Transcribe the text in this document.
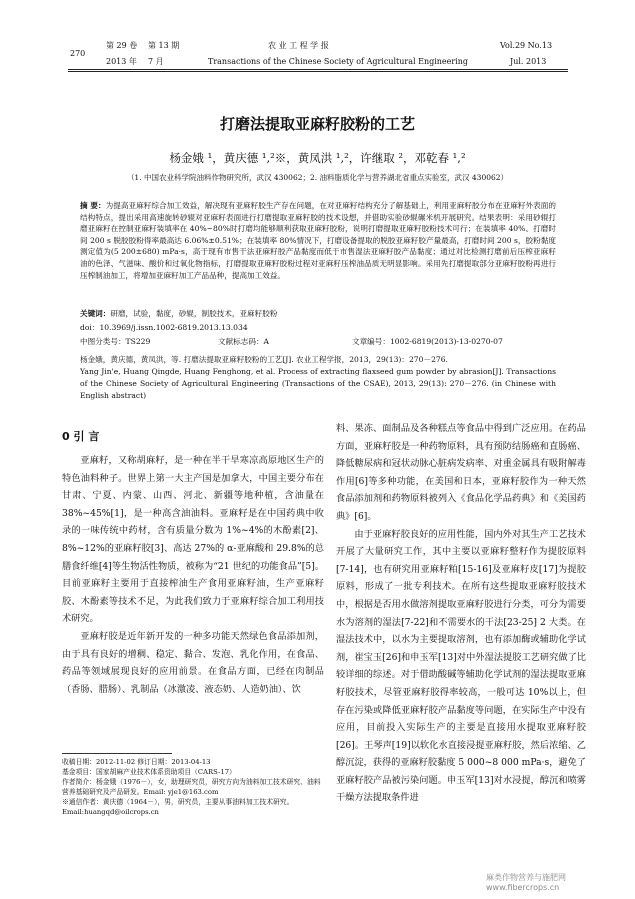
270
第 29 卷 第 13 期
2013 年 7 月
农 业 工 程 学 报
Transactions of the Chinese Society of Agricultural Engineering
Vol.29 No.13
Jul. 2013
打磨法提取亚麻籽胶粉的工艺
杨金娥 ¹，黄庆德 ¹,²※，黄凤洪 ¹,²，许继取 ²，邓乾春 ¹,²
（1. 中国农业科学院油料作物研究所，武汉 430062；2. 油料脂质化学与营养湖北省重点实验室，武汉 430062）
摘 要：为提高亚麻籽综合加工效益，解决现有亚麻籽胶生产存在问题，在对亚麻籽结构充分了解基础上，利用亚麻籽胶分布在亚麻籽外表面的结构特点，提出采用高速旋转砂辊对亚麻籽表面进行打磨提取亚麻籽胶的技术设想，并借助实验砂辊碾米机开展研究。结果表明：采用砂辊打磨亚麻籽在控制亚麻籽装填率在 40%~80%时打磨均能够顺利获取亚麻籽胶粉，说明打磨提取亚麻籽胶粉技术可行；在装填率 40%、打磨时间 200 s 脱胶胶粉得率最高达 6.06%±0.51%；在装填率 80%情况下，打磨设备提取的脱胶亚麻籽胶产量最高，打磨时间 200 s，胶粉黏度测定值为(5 200±680) mPa·s，高于现有市售干法亚麻籽胶产品黏度而低于市售湿法亚麻籽胶产品黏度；通过对比检测打磨前后压榨亚麻籽油的色泽、气滋味、酸价和过氧化物指标，打磨提取亚麻籽胶粉过程对亚麻籽压榨油品质无明显影响。采用先打磨提取部分亚麻籽胶粉再进行压榨制油加工，将增加亚麻籽加工产品品种，提高加工效益。
关键词：研磨，试验，黏度，砂辊，制胶技术，亚麻籽胶粉
doi：10.3969/j.issn.1002-6819.2013.13.034
中图分类号：TS229	文献标志码：A	文章编号：1002-6819(2013)-13-0270-07
杨金娥，黄庆德，黄凤洪，等. 打磨法提取亚麻籽胶粉的工艺[J]. 农业工程学报，2013，29(13)：270－276.
Yang Jin'e, Huang Qingde, Huang Fenghong, et al. Process of extracting flaxseed gum powder by abrasion[J]. Transactions of the Chinese Society of Agricultural Engineering (Transactions of the CSAE), 2013, 29(13): 270－276. (in Chinese with English abstract)
0 引 言

亚麻籽，又称胡麻籽，是一种在半干旱寒凉高原地区生产的特色油料种子。世界上第一大主产国是加拿大，中国主要分布在甘肃、宁夏、内蒙、山西、河北、新疆等地种植，含油量在 38%~45%[1]，是一种高含油油料。亚麻籽是在中国药典中收录的一味传统中药材，含有质量分数为 1%~4%的木酚素[2]、8%~12%的亚麻籽胶[3]、高达 27%的 α-亚麻酸和 29.8%的总膳食纤维[4]等生物活性物质，被称为“21 世纪的功能食品”[5]。目前亚麻籽主要用于直接榨油生产食用亚麻籽油，生产亚麻籽胶、木酚素等技术不足，为此我们致力于亚麻籽综合加工利用技术研究。

亚麻籽胶是近年新开发的一种多功能天然绿色食品添加剂，由于具有良好的增稠、稳定、黏合、发泡、乳化作用，在食品、药品等领域展现良好的应用前景。在食品方面，已经在肉制品（香肠、腊肠）、乳制品（冰激凌、液态奶、人造奶油）、饮

收稿日期：2012-11-02 修订日期：2013-04-13
基金项目：国家胡麻产业技术体系资助项目（CARS-17）
作者简介：杨金娥（1976－），女，助理研究员，研究方向为油料加工技术研究、油料营养基础研究及产品研发。Email: yje1@163.com
※通信作者：黄庆德（1964－），男，研究员，主要从事油料加工技术研究。Email:huangqd@oilcrops.cn

料、果冻、面制品及各种糕点等食品中得到广泛应用。在药品方面，亚麻籽胶是一种药物原料，具有预防结肠癌和直肠癌、降低糖尿病和冠状动脉心脏病发病率、对重金属具有吸附解毒作用[6]等多种功能，在美国和日本，亚麻籽胶作为一种天然食品添加剂和药物原料被列入《食品化学品药典》和《美国药典》[6]。

由于亚麻籽胶良好的应用性能，国内外对其生产工艺技术开展了大量研究工作，其中主要以亚麻籽整籽作为提胶原料[7-14]，也有研究用亚麻籽粕[15-16]及亚麻籽皮[17]为提胶原料，形成了一批专利技术。在所有这些提取亚麻籽胶技术中，根据是否用水做溶剂提取亚麻籽胶进行分类，可分为需要水为溶剂的湿法[7-22]和不需要水的干法[23-25] 2 大类。在湿法技术中，以水为主要提取溶剂，也有添加酶或辅助化学试剂，崔宝玉[26]和申玉军[13]对中外湿法提胶工艺研究做了比较详细的综述。对于借助酸碱等辅助化学试剂的湿法提取亚麻籽胶技术，尽管亚麻籽胶得率较高，一般可达 10%以上，但存在污染或降低亚麻籽胶产品黏度等问题，在实际生产中没有应用，目前投入实际生产的主要是直接用水提取亚麻籽胶[26]。王琴声[19]以软化水直接浸提亚麻籽胶，然后浓缩、乙醇沉淀，获得的亚麻籽胶黏度 5 000~8 000 mPa·s，避免了亚麻籽胶产品被污染问题。申玉军[13]对水浸提，醇沉和喷雾干燥方法提取条件进

麻类作物营养与施肥网 www.fibercrops.cn
